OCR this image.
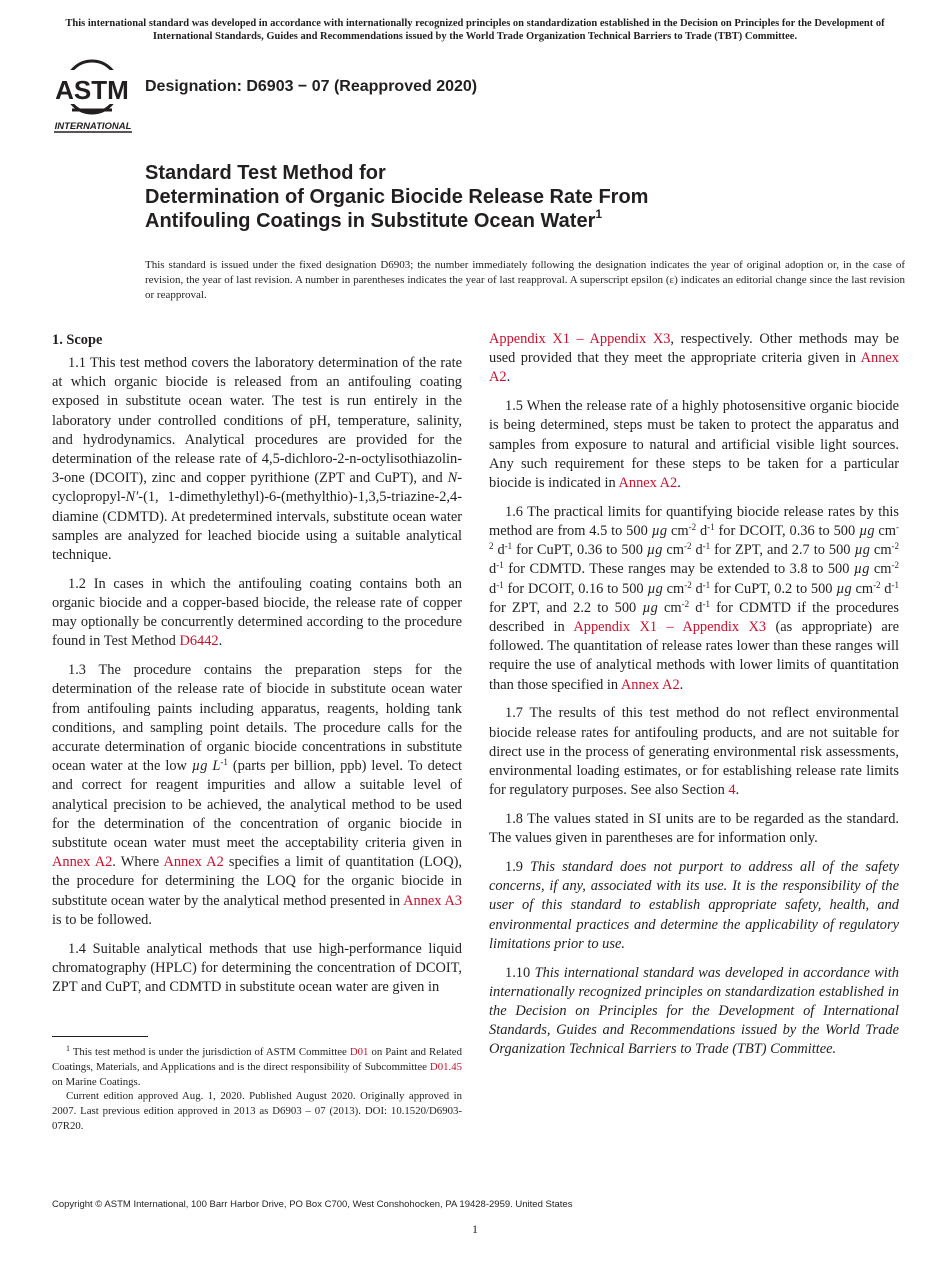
This international standard was developed in accordance with internationally recognized principles on standardization established in the Decision on Principles for the Development of International Standards, Guides and Recommendations issued by the World Trade Organization Technical Barriers to Trade (TBT) Committee.

ASTM
INTERNATIONAL

Designation: D6903 − 07 (Reapproved 2020)

Standard Test Method for
Determination of Organic Biocide Release Rate From
Antifouling Coatings in Substitute Ocean Water$^1$

This standard is issued under the fixed designation D6903; the number immediately following the designation indicates the year of original adoption or, in the case of revision, the year of last revision. A number in parentheses indicates the year of last reapproval. A superscript epsilon (ε) indicates an editorial change since the last revision or reapproval.

1. Scope

1.1 This test method covers the laboratory determination of the rate at which organic biocide is released from an antifouling coating exposed in substitute ocean water. The test is run entirely in the laboratory under controlled conditions of pH, temperature, salinity, and hydrodynamics. Analytical procedures are provided for the determination of the release rate of 4,5-dichloro-2-n-octylisothiazolin-3-one (DCOIT), zinc and copper pyrithione (ZPT and CuPT), and N-cyclopropyl-N′-(1, 1-dimethylethyl)-6-(methylthio)-1,3,5-triazine-2,4-diamine (CDMTD). At predetermined intervals, substitute ocean water samples are analyzed for leached biocide using a suitable analytical technique.

1.2 In cases in which the antifouling coating contains both an organic biocide and a copper-based biocide, the release rate of copper may optionally be concurrently determined according to the procedure found in Test Method D6442.

1.3 The procedure contains the preparation steps for the determination of the release rate of biocide in substitute ocean water from antifouling paints including apparatus, reagents, holding tank conditions, and sampling point details. The procedure calls for the accurate determination of organic biocide concentrations in substitute ocean water at the low µg $L^{-1}$ (parts per billion, ppb) level. To detect and correct for reagent impurities and allow a suitable level of analytical precision to be achieved, the analytical method to be used for the determination of the concentration of organic biocide in substitute ocean water must meet the acceptability criteria given in Annex A2. Where Annex A2 specifies a limit of quantitation (LOQ), the procedure for determining the LOQ for the organic biocide in substitute ocean water by the analytical method presented in Annex A3 is to be followed.

1.4 Suitable analytical methods that use high-performance liquid chromatography (HPLC) for determining the concentration of DCOIT, ZPT and CuPT, and CDMTD in substitute ocean water are given in

Appendix X1 – Appendix X3, respectively. Other methods may be used provided that they meet the appropriate criteria given in Annex A2.

1.5 When the release rate of a highly photosensitive organic biocide is being determined, steps must be taken to protect the apparatus and samples from exposure to natural and artificial visible light sources. Any such requirement for these steps to be taken for a particular biocide is indicated in Annex A2.

1.6 The practical limits for quantifying biocide release rates by this method are from 4.5 to 500 µg $cm^{-2}$ $d^{-1}$ for DCOIT, 0.36 to 500 µg $cm^{-2}$ $d^{-1}$ for CuPT, 0.36 to 500 µg $cm^{-2}$ $d^{-1}$ for ZPT, and 2.7 to 500 µg $cm^{-2}$ $d^{-1}$ for CDMTD. These ranges may be extended to 3.8 to 500 µg $cm^{-2}$ $d^{-1}$ for DCOIT, 0.16 to 500 µg $cm^{-2}$ $d^{-1}$ for CuPT, 0.2 to 500 µg $cm^{-2}$ $d^{-1}$ for ZPT, and 2.2 to 500 µg $cm^{-2}$ $d^{-1}$ for CDMTD if the procedures described in Appendix X1 – Appendix X3 (as appropriate) are followed. The quantitation of release rates lower than these ranges will require the use of analytical methods with lower limits of quantitation than those specified in Annex A2.

1.7 The results of this test method do not reflect environmental biocide release rates for antifouling products, and are not suitable for direct use in the process of generating environmental risk assessments, environmental loading estimates, or for establishing release rate limits for regulatory purposes. See also Section 4.

1.8 The values stated in SI units are to be regarded as the standard. The values given in parentheses are for information only.

1.9 This standard does not purport to address all of the safety concerns, if any, associated with its use. It is the responsibility of the user of this standard to establish appropriate safety, health, and environmental practices and determine the applicability of regulatory limitations prior to use.

1.10 This international standard was developed in accordance with internationally recognized principles on standardization established in the Decision on Principles for the Development of International Standards, Guides and Recommendations issued by the World Trade Organization Technical Barriers to Trade (TBT) Committee.

$^1$ This test method is under the jurisdiction of ASTM Committee D01 on Paint and Related Coatings, Materials, and Applications and is the direct responsibility of Subcommittee D01.45 on Marine Coatings.

Current edition approved Aug. 1, 2020. Published August 2020. Originally approved in 2007. Last previous edition approved in 2013 as D6903 – 07 (2013). DOI: 10.1520/D6903-07R20.

Copyright © ASTM International, 100 Barr Harbor Drive, PO Box C700, West Conshohocken, PA 19428-2959. United States

1
